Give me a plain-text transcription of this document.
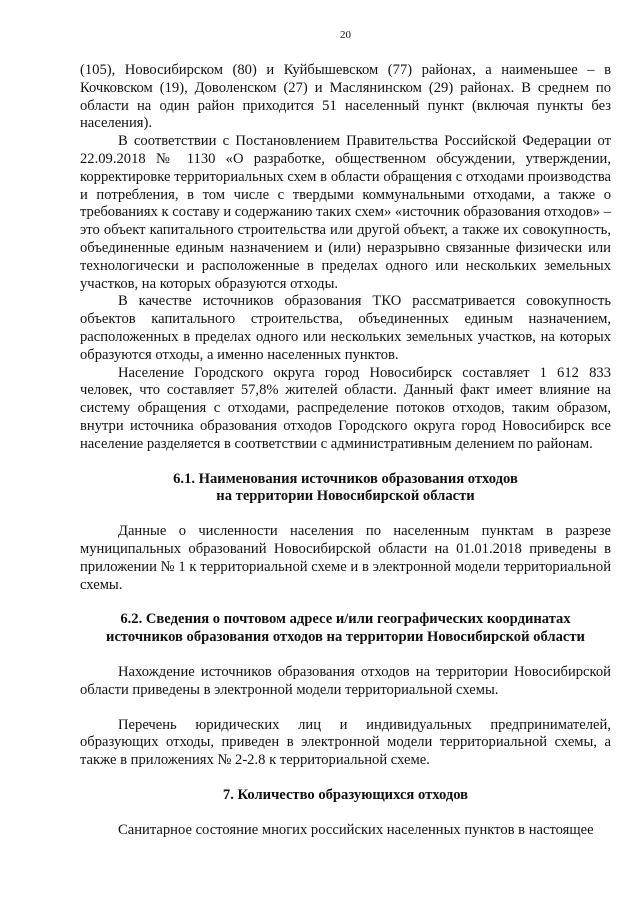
20

(105), Новосибирском (80) и Куйбышевском (77) районах, а наименьшее – в Кочковском (19), Доволенском (27) и Маслянинском (29) районах. В среднем по области на один район приходится 51 населенный пункт (включая пункты без населения).

В соответствии с Постановлением Правительства Российской Федерации от 22.09.2018 № 1130 «О разработке, общественном обсуждении, утверждении, корректировке территориальных схем в области обращения с отходами производства и потребления, в том числе с твердыми коммунальными отходами, а также о требованиях к составу и содержанию таких схем» «источник образования отходов» – это объект капитального строительства или другой объект, а также их совокупность, объединенные единым назначением и (или) неразрывно связанные физически или технологически и расположенные в пределах одного или нескольких земельных участков, на которых образуются отходы.

В качестве источников образования ТКО рассматривается совокупность объектов капитального строительства, объединенных единым назначением, расположенных в пределах одного или нескольких земельных участков, на которых образуются отходы, а именно населенных пунктов.

Население Городского округа город Новосибирск составляет 1 612 833 человек, что составляет 57,8% жителей области. Данный факт имеет влияние на систему обращения с отходами, распределение потоков отходов, таким образом, внутри источника образования отходов Городского округа город Новосибирск все население разделяется в соответствии с административным делением по районам.

6.1. Наименования источников образования отходов
на территории Новосибирской области

Данные о численности населения по населенным пунктам в разрезе муниципальных образований Новосибирской области на 01.01.2018 приведены в приложении № 1 к территориальной схеме и в электронной модели территориальной схемы.

6.2. Сведения о почтовом адресе и/или географических координатах
источников образования отходов на территории Новосибирской области

Нахождение источников образования отходов на территории Новосибирской области приведены в электронной модели территориальной схемы.

Перечень юридических лиц и индивидуальных предпринимателей, образующих отходы, приведен в электронной модели территориальной схемы, а также в приложениях № 2-2.8 к территориальной схеме.

7. Количество образующихся отходов

Санитарное состояние многих российских населенных пунктов в настоящее
